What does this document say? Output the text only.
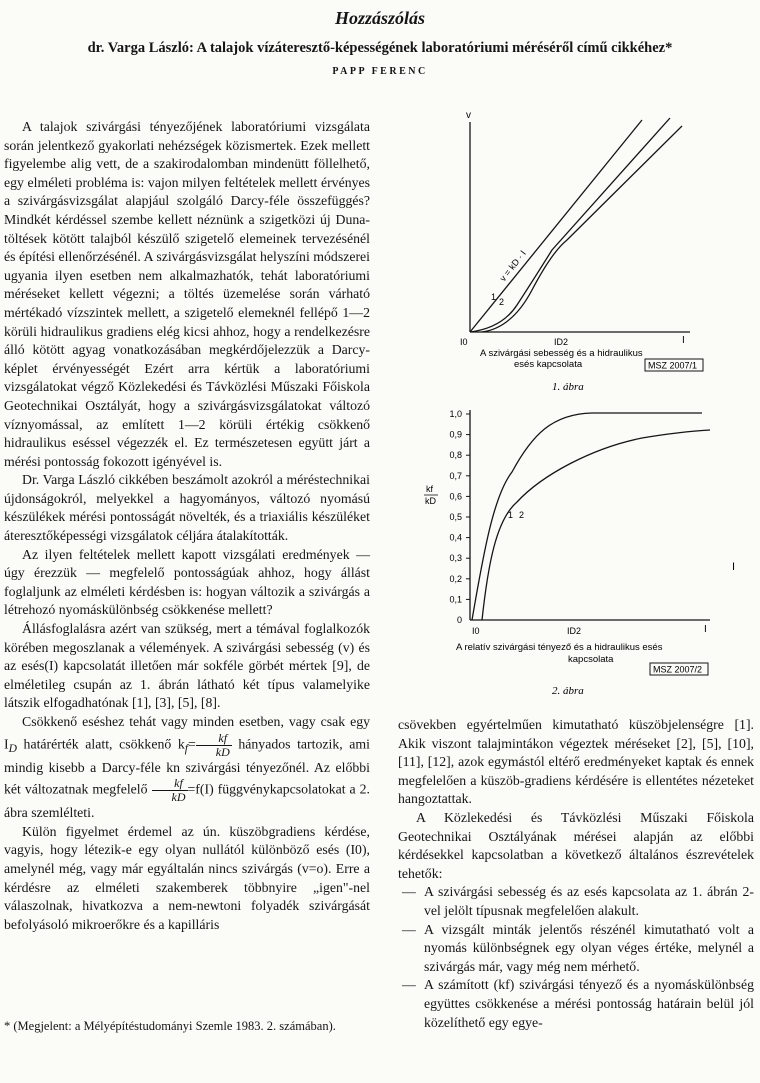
Hozzászólás
dr. Varga László: A talajok vízáteresztő-képességének laboratóriumi méréséről című cikkéhez*
PAPP FERENC

A talajok szivárgási tényezőjének laboratóriumi vizsgálata során jelentkező gyakorlati nehézségek közismertek. Ezek mellett figyelembe alig vett, de a szakirodalomban mindenütt föllelhető, egy elméleti probléma is: vajon milyen feltételek mellett érvényes a szivárgásvizsgálat alapjául szolgáló Darcy-féle összefüggés? Mindkét kérdéssel szembe kellett néznünk a szigetközi új Duna-töltések kötött talajból készülő szigetelő elemeinek tervezésénél és építési ellenőrzésénél. A szivárgásvizsgálat helyszíni módszerei ugyania ilyen esetben nem alkalmazhatók, tehát laboratóriumi méréseket kellett végezni; a töltés üzemelése során várható mértékadó vízszintek mellett, a szigetelő elemeknél fellépő 1—2 körüli hidraulikus gradiens elég kicsi ahhoz, hogy a rendelkezésre álló kötött agyag vonatkozásában megkérdőjelezzük a Darcy-képlet érvényességét Ezért arra kértük a laboratóriumi vizsgálatokat végző Közlekedési és Távközlési Műszaki Főiskola Geotechnikai Osztályát, hogy a szivárgásvizsgálatokat változó víznyomással, az említett 1—2 körüli értékig csökkenő hidraulikus eséssel végezzék el. Ez természetesen együtt járt a mérési pontosság fokozott igényével is.

Dr. Varga László cikkében beszámolt azokról a méréstechnikai újdonságokról, melyekkel a hagyományos, változó nyomású készülékek mérési pontosságát növelték, és a triaxiális készüléket áteresztőképességi vizsgálatok céljára átalakították.

Az ilyen feltételek mellett kapott vizsgálati eredmények — úgy érezzük — megfelelő pontosságúak ahhoz, hogy állást foglaljunk az elméleti kérdésben is: hogyan változik a szivárgás a létrehozó nyomáskülönbség csökkenése mellett?

Állásfoglalásra azért van szükség, mert a témával foglalkozók körében megoszlanak a vélemények. A szivárgási sebesség (v) és az esés(I) kapcsolatát illetően már sokféle görbét mértek [9], de elméletileg csupán az 1. ábrán látható két típus valamelyike látszik elfogadhatónak [1], [3], [5], [8].

Csökkenő eséshez tehát vagy minden esetben, vagy csak egy $I_D$ határérték alatt, csökkenő $k_f= \frac{kf}{kD}$ hányados tartozik, ami mindig kisebb a Darcy-féle kn szivárgási tényezőnél. Az előbbi két változatnak megfelelő $\frac{kf}{kD} =f(I)$ függvénykapcsolatokat a 2. ábra szemlélteti.

Külön figyelmet érdemel az ún. küszöbgradiens kérdése, vagyis, hogy létezik-e egy olyan nullától különböző esés (I0), amelynél még, vagy már egyáltalán nincs szivárgás (v=o). Erre a kérdésre az elméleti szakemberek többnyire „igen"-nel válaszolnak, hivatkozva a nem-newtoni folyadék szivárgását befolyásoló mikroerőkre és a kapilláris

* (Megjelent: a Mélyépítéstudományi Szemle 1983. 2. számában).
v
I
v = kD · I
1 2
I0	ID2
A szivárgási sebesség és a hidraulikus
esés kapcsolata	MSZ 2007/1
1. ábra
1,0
0,9
0,8
0,7
0,6
0,5
0,4
0,3
0,2
0,1
0
kf
kD
I
1 2
I0	ID2
A relatív szivárgási tényező és a hidraulikus esés
kapcsolata
MSZ 2007/2
2. ábra
I

csövekben egyértelműen kimutatható küszöbjelenségre [1]. Akik viszont talajmintákon végeztek méréseket [2], [5], [10], [11], [12], azok egymástól eltérő eredményeket kaptak és ennek megfelelően a küszöb-gradiens kérdésére is ellentétes nézeteket hangoztattak.

A Közlekedési és Távközlési Műszaki Főiskola Geotechnikai Osztályának mérései alapján az előbbi kérdésekkel kapcsolatban a következő általános észrevételek tehetők:

— A szivárgási sebesség és az esés kapcsolata az 1. ábrán 2-vel jelölt típusnak megfelelően alakult.

— A vizsgált minták jelentős részénél kimutatható volt a nyomás különbségnek egy olyan véges értéke, melynél a szivárgás már, vagy még nem mérhető.

— A számított (kf) szivárgási tényező és a nyomáskülönbség együttes csökkenése a mérési pontosság határain belül jól közelíthető egy egye-
